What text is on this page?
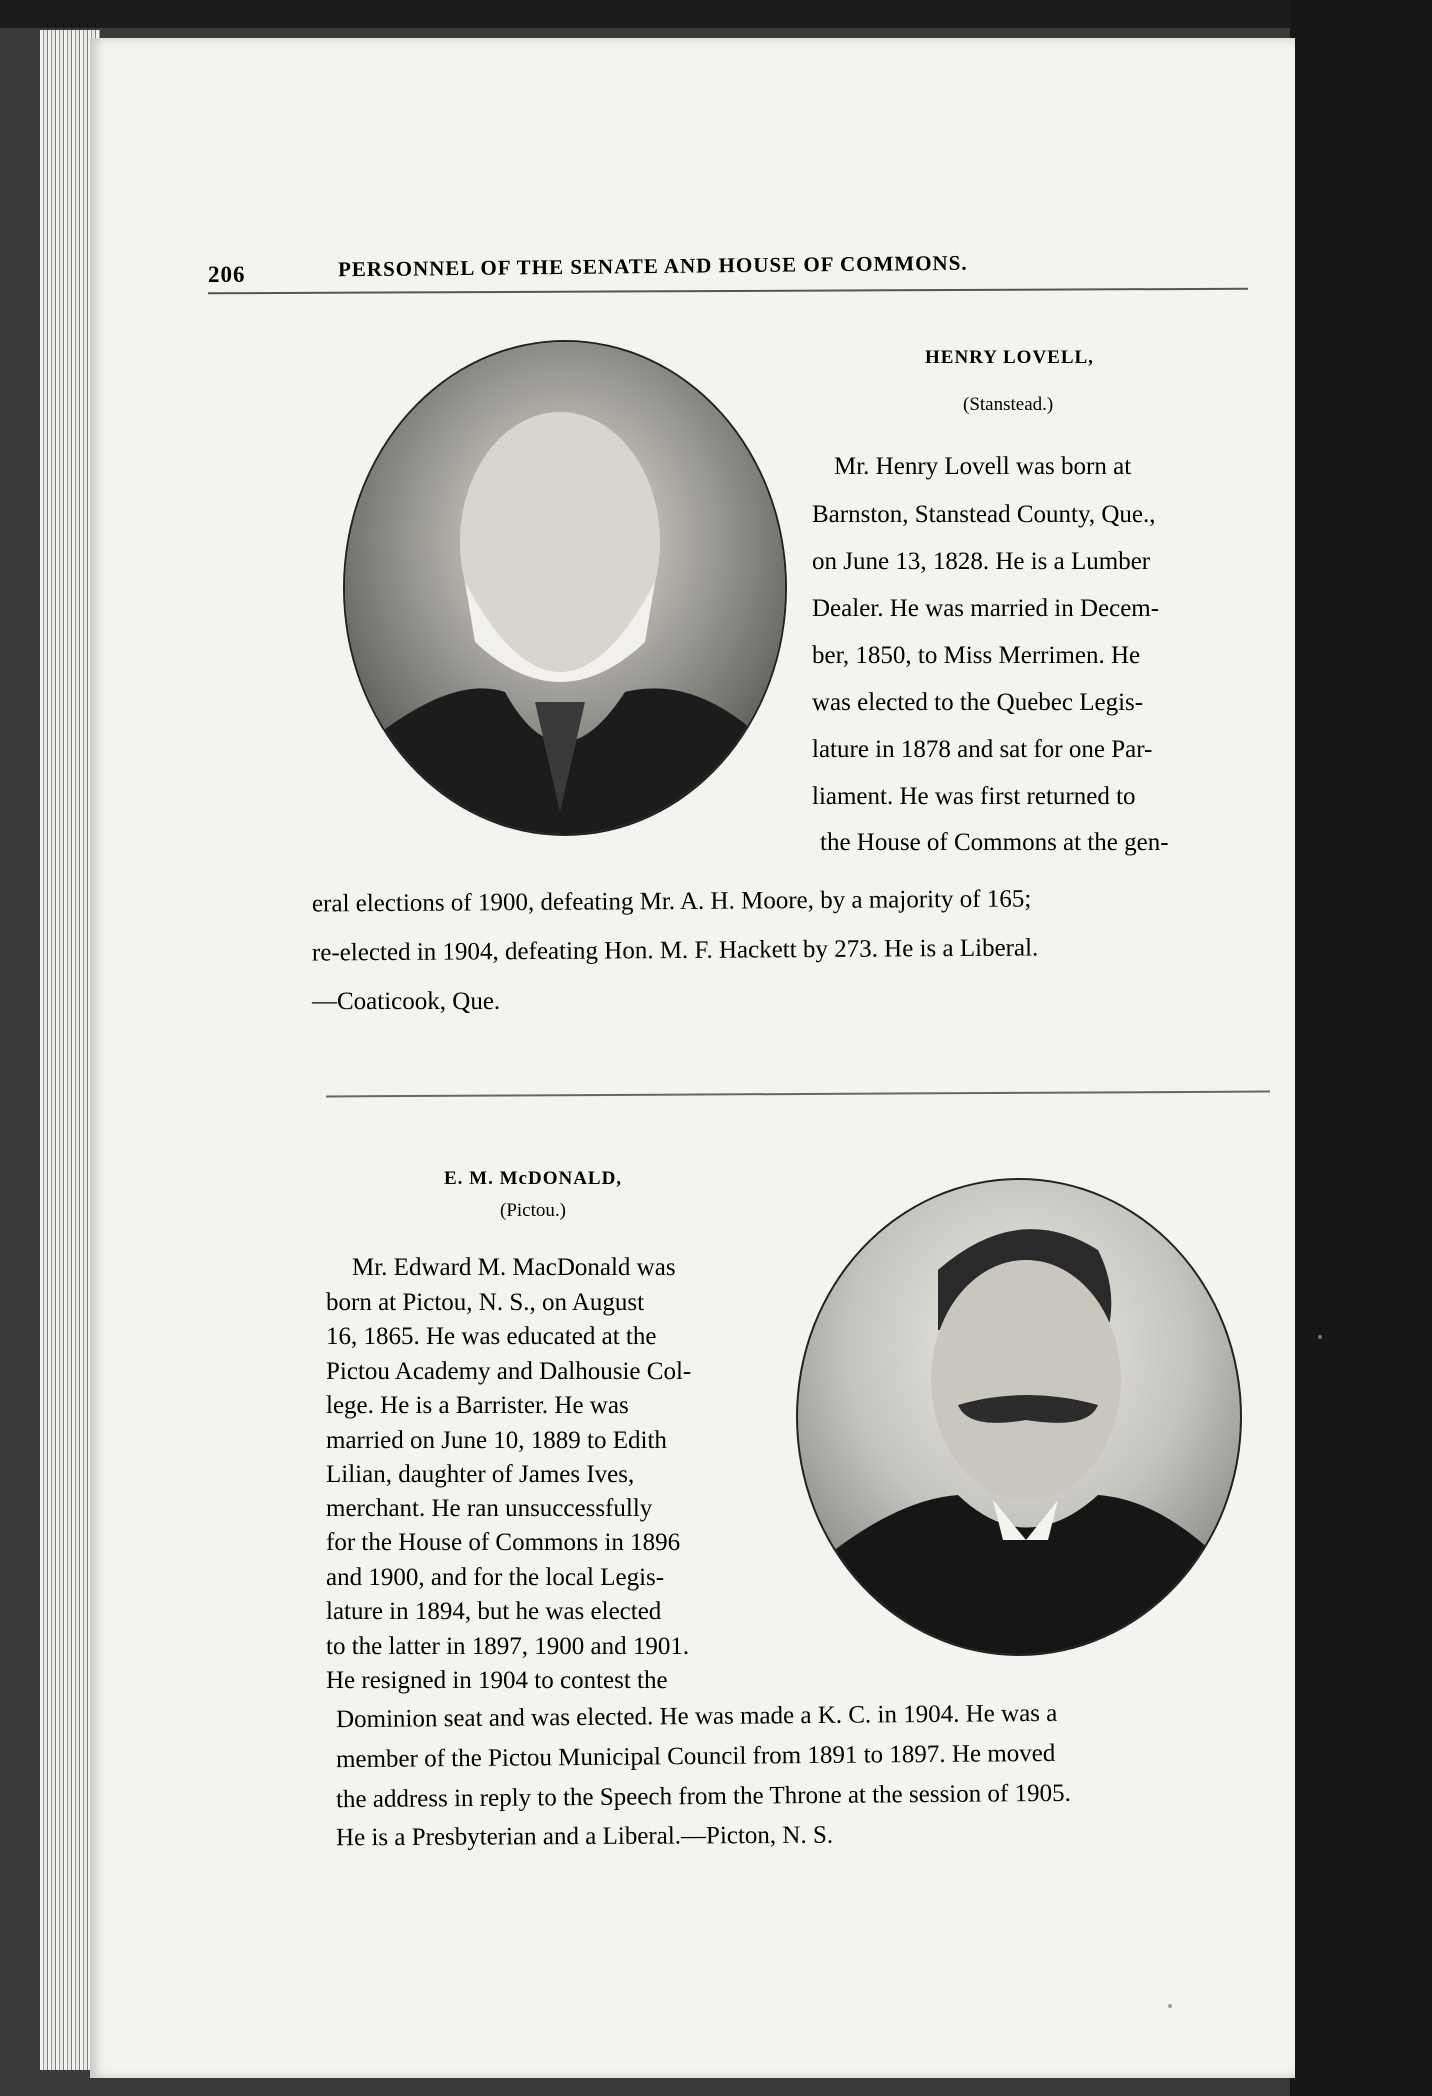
206	PERSONNEL OF THE SENATE AND HOUSE OF COMMONS.
HENRY LOVELL,
(Stanstead.)
Mr. Henry Lovell was born at
Barnston, Stanstead County, Que.,
on June 13, 1828. He is a Lumber
Dealer. He was married in Decem-
ber, 1850, to Miss Merrimen. He
was elected to the Quebec Legis-
lature in 1878 and sat for one Par-
liament. He was first returned to
the House of Commons at the gen-
eral elections of 1900, defeating Mr. A. H. Moore, by a majority of 165;
re-elected in 1904, defeating Hon. M. F. Hackett by 273. He is a Liberal.
—Coaticook, Que.
E. M. McDONALD,
(Pictou.)
Mr. Edward M. MacDonald was
born at Pictou, N. S., on August
16, 1865. He was educated at the
Pictou Academy and Dalhousie Col-
lege. He is a Barrister. He was
married on June 10, 1889 to Edith
Lilian, daughter of James Ives,
merchant. He ran unsuccessfully
for the House of Commons in 1896
and 1900, and for the local Legis-
lature in 1894, but he was elected
to the latter in 1897, 1900 and 1901.
He resigned in 1904 to contest the
Dominion seat and was elected. He was made a K. C. in 1904. He was a
member of the Pictou Municipal Council from 1891 to 1897. He moved
the address in reply to the Speech from the Throne at the session of 1905.
He is a Presbyterian and a Liberal.—Picton, N. S.
